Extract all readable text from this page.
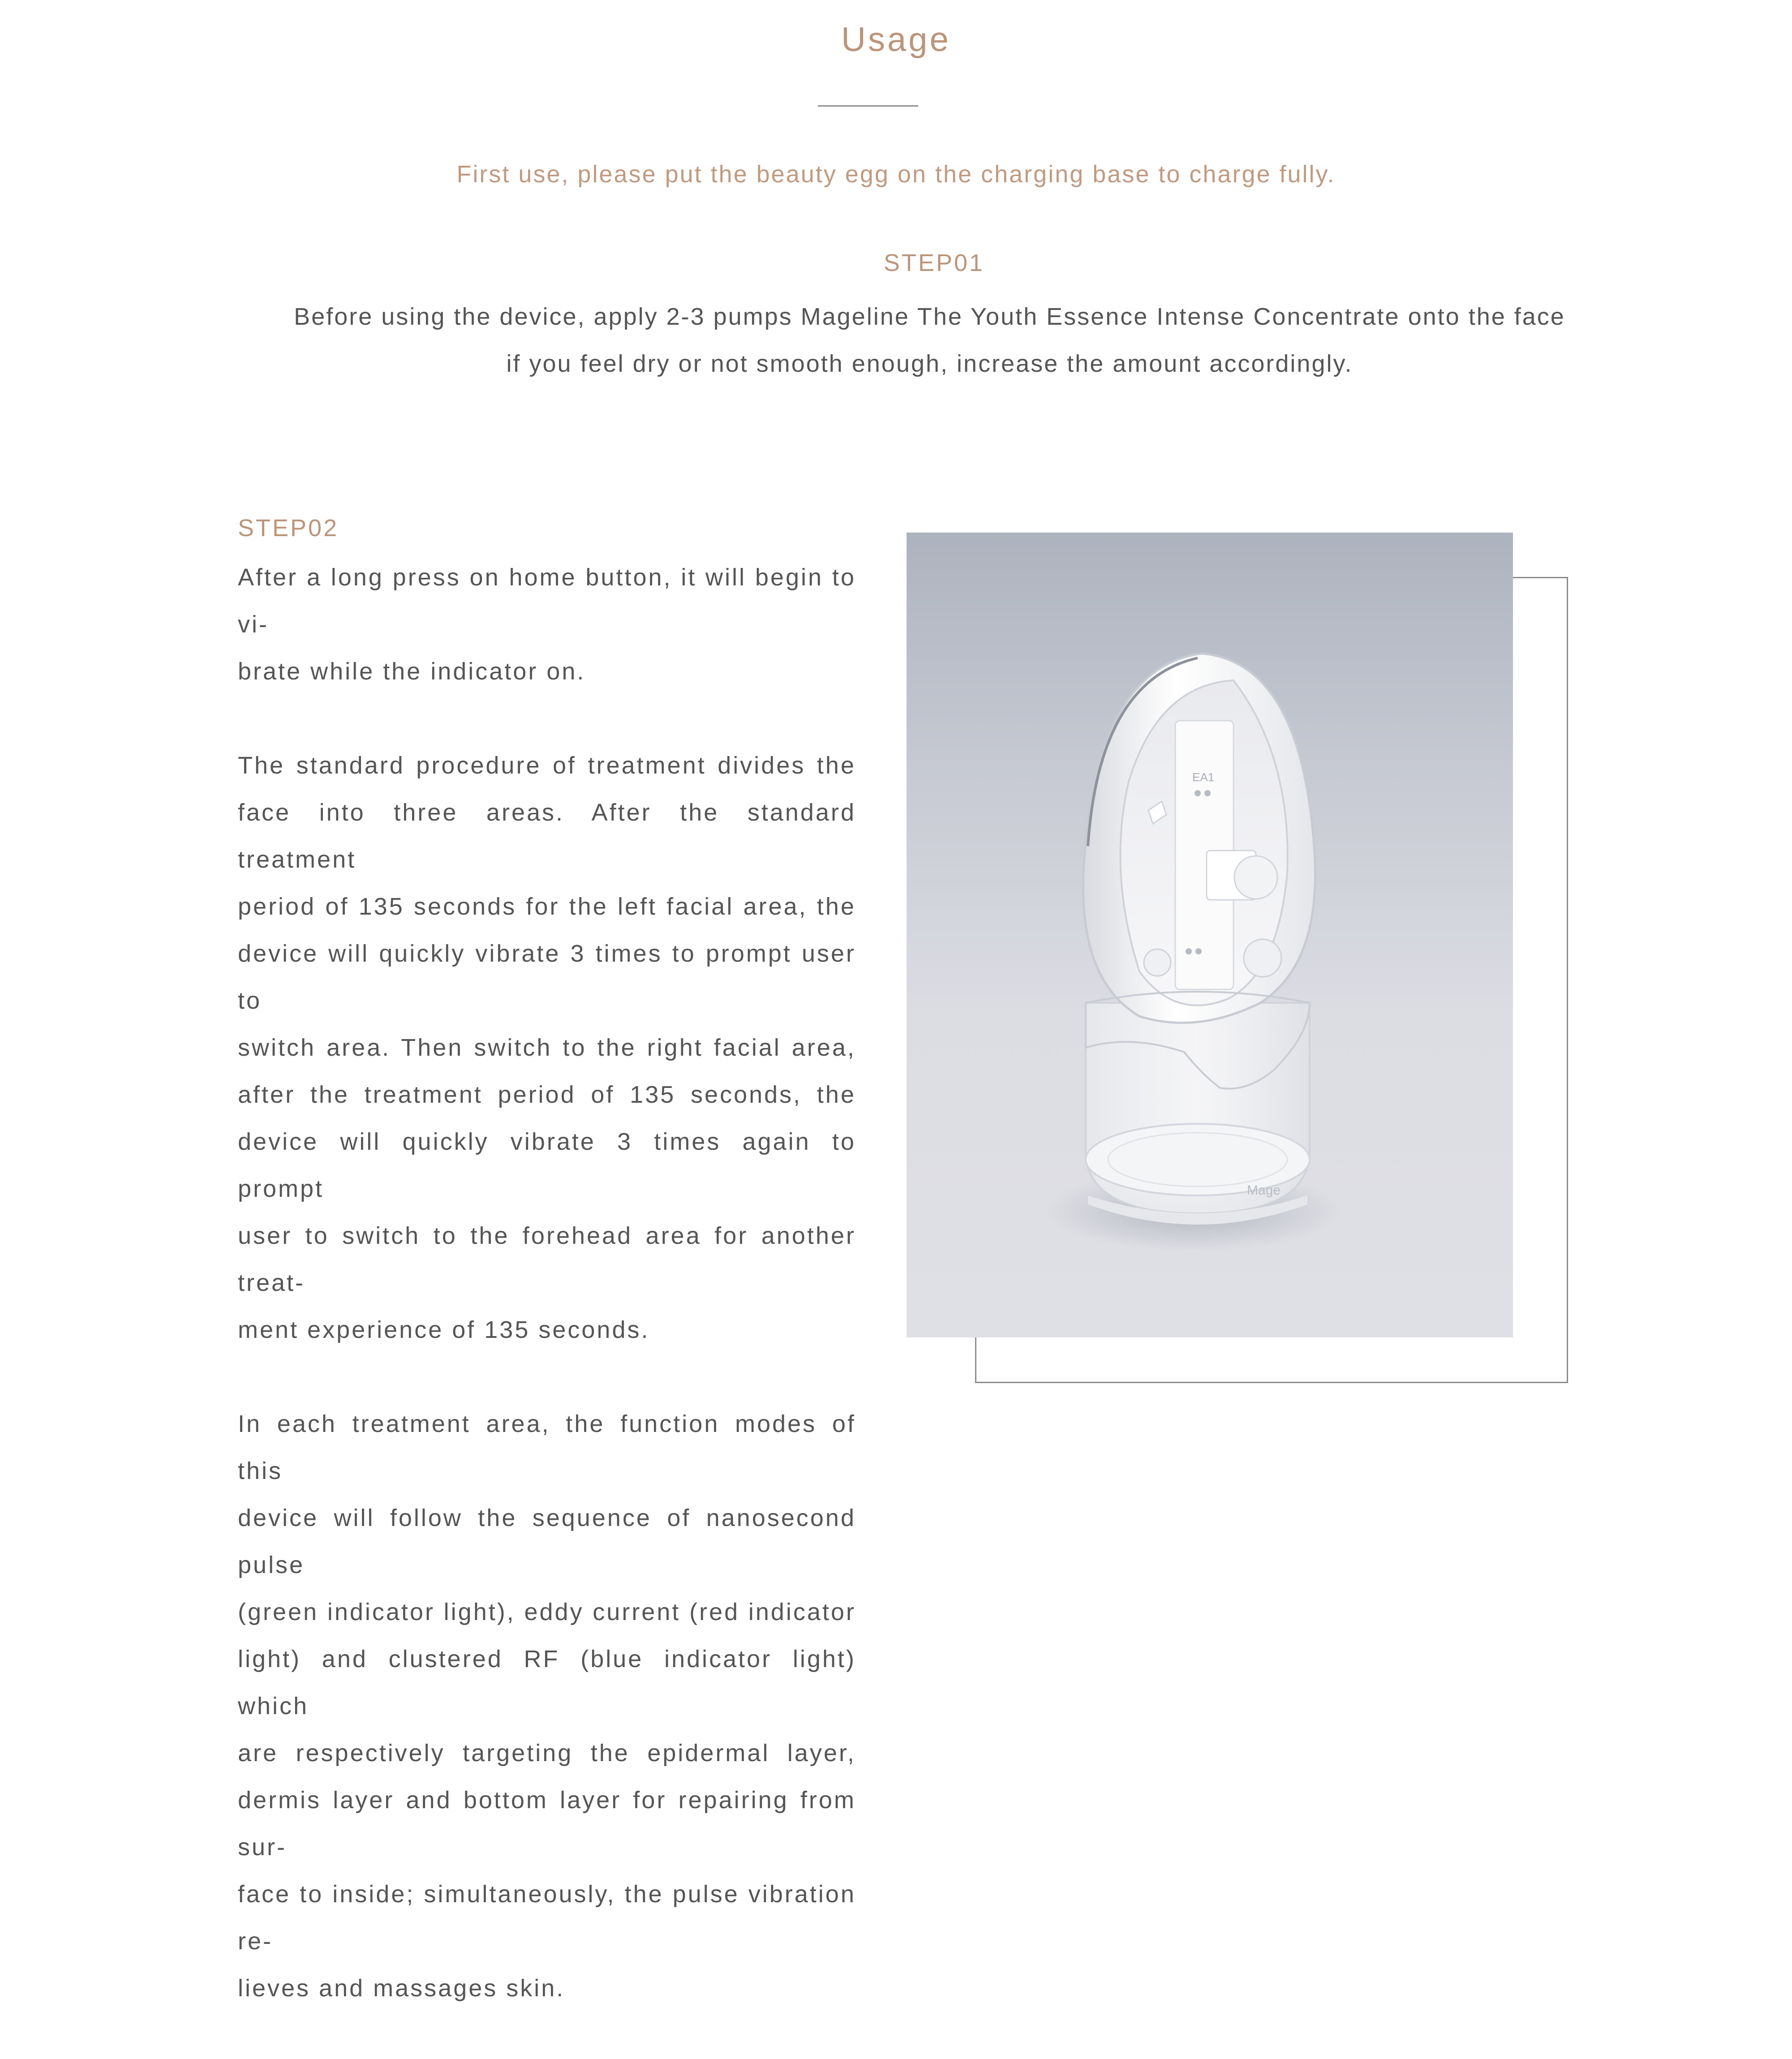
Usage
First use, please put the beauty egg on the charging base to charge fully.
STEP01
Before using the device, apply 2-3 pumps Mageline The Youth Essence Intense Concentrate onto the face
if you feel dry or not smooth enough, increase the amount accordingly.
STEP02

After a long press on home button, it will begin to vi-
brate while the indicator on.

The standard procedure of treatment divides the
face into three areas. After the standard treatment
period of 135 seconds for the left facial area, the
device will quickly vibrate 3 times to prompt user to
switch area. Then switch to the right facial area,
after the treatment period of 135 seconds, the
device will quickly vibrate 3 times again to prompt
user to switch to the forehead area for another treat-
ment experience of 135 seconds.

In each treatment area, the function modes of this
device will follow the sequence of nanosecond pulse
(green indicator light), eddy current (red indicator
light) and clustered RF (blue indicator light) which
are respectively targeting the epidermal layer,
dermis layer and bottom layer for repairing from sur-
face to inside; simultaneously, the pulse vibration re-
lieves and massages skin.

Mage
EA1
